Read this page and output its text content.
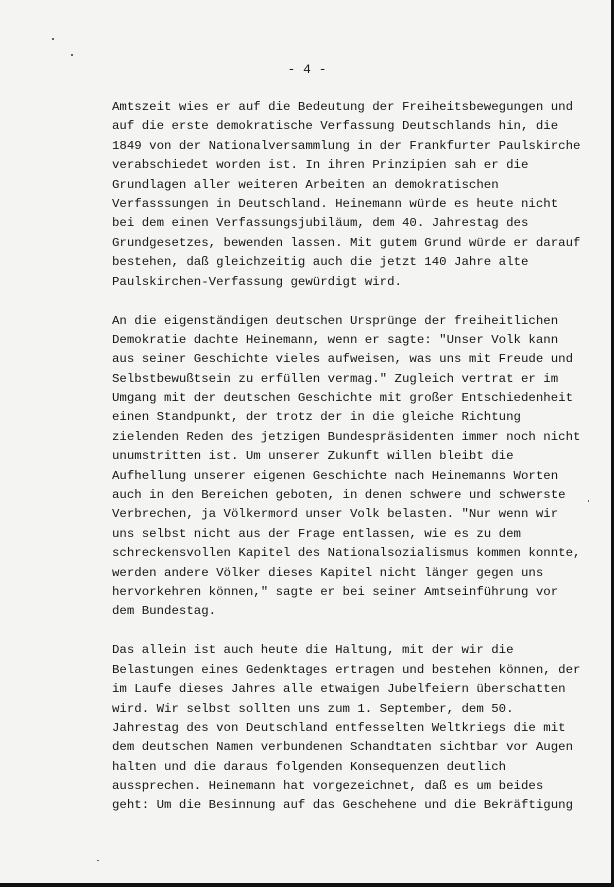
- 4 -
Amtszeit wies er auf die Bedeutung der Freiheitsbewegungen und
auf die erste demokratische Verfassung Deutschlands hin, die
1849 von der Nationalversammlung in der Frankfurter Paulskirche
verabschiedet worden ist. In ihren Prinzipien sah er die
Grundlagen aller weiteren Arbeiten an demokratischen
Verfasssungen in Deutschland. Heinemann würde es heute nicht
bei dem einen Verfassungsjubiläum, dem 40. Jahrestag des
Grundgesetzes, bewenden lassen. Mit gutem Grund würde er darauf
bestehen, daß gleichzeitig auch die jetzt 140 Jahre alte
Paulskirchen-Verfassung gewürdigt wird.
An die eigenständigen deutschen Ursprünge der freiheitlichen
Demokratie dachte Heinemann, wenn er sagte: "Unser Volk kann
aus seiner Geschichte vieles aufweisen, was uns mit Freude und
Selbstbewußtsein zu erfüllen vermag." Zugleich vertrat er im
Umgang mit der deutschen Geschichte mit großer Entschiedenheit
einen Standpunkt, der trotz der in die gleiche Richtung
zielenden Reden des jetzigen Bundespräsidenten immer noch nicht
unumstritten ist. Um unserer Zukunft willen bleibt die
Aufhellung unserer eigenen Geschichte nach Heinemanns Worten
auch in den Bereichen geboten, in denen schwere und schwerste
Verbrechen, ja Völkermord unser Volk belasten. "Nur wenn wir
uns selbst nicht aus der Frage entlassen, wie es zu dem
schreckensvollen Kapitel des Nationalsozialismus kommen konnte,
werden andere Völker dieses Kapitel nicht länger gegen uns
hervorkehren können," sagte er bei seiner Amtseinführung vor
dem Bundestag.
Das allein ist auch heute die Haltung, mit der wir die
Belastungen eines Gedenktages ertragen und bestehen können, der
im Laufe dieses Jahres alle etwaigen Jubelfeiern überschatten
wird. Wir selbst sollten uns zum 1. September, dem 50.
Jahrestag des von Deutschland entfesselten Weltkriegs die mit
dem deutschen Namen verbundenen Schandtaten sichtbar vor Augen
halten und die daraus folgenden Konsequenzen deutlich
aussprechen. Heinemann hat vorgezeichnet, daß es um beides
geht: Um die Besinnung auf das Geschehene und die Bekräftigung
